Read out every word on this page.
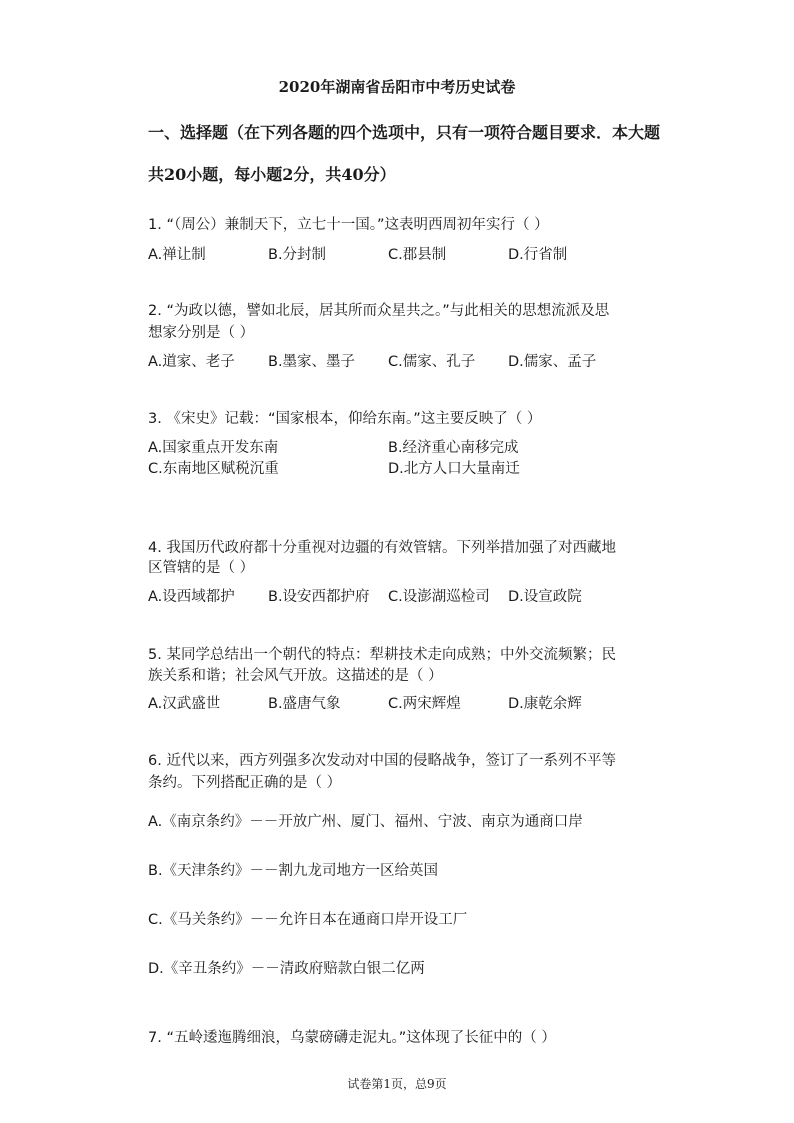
2020年湖南省岳阳市中考历史试卷
一、选择题（在下列各题的四个选项中，只有一项符合题目要求．本大题
共20小题，每小题2分，共40分）
1. “（周公）兼制天下，立七十一国。”这表明西周初年实行（ ）
A.禅让制	B.分封制	C.郡县制	D.行省制
2. “为政以德，譬如北辰，居其所而众星共之。”与此相关的思想流派及思
想家分别是（ ）
A.道家、老子 B.墨家、墨子 C.儒家、孔子 D.儒家、孟子
3. 《宋史》记载：“国家根本，仰给东南。”这主要反映了（ ）
A.国家重点开发东南	B.经济重心南移完成
C.东南地区赋税沉重	D.北方人口大量南迁
4. 我国历代政府都十分重视对边疆的有效管辖。下列举措加强了对西藏地
区管辖的是（ ）
A.设西域都护 B.设安西都护府 C.设澎湖巡检司 D.设宣政院
5. 某同学总结出一个朝代的特点：犁耕技术走向成熟；中外交流频繁；民
族关系和谐；社会风气开放。这描述的是（ ）
A.汉武盛世	B.盛唐气象	C.两宋辉煌	D.康乾余辉
6. 近代以来，西方列强多次发动对中国的侵略战争，签订了一系列不平等
条约。下列搭配正确的是（ ）
A.《南京条约》－－开放广州、厦门、福州、宁波、南京为通商口岸
B.《天津条约》－－割九龙司地方一区给英国
C.《马关条约》－－允许日本在通商口岸开设工厂
D.《辛丑条约》－－清政府赔款白银二亿两
7. “五岭逶迤腾细浪，乌蒙磅礴走泥丸。”这体现了长征中的（ ）
试卷第1页，总9页
